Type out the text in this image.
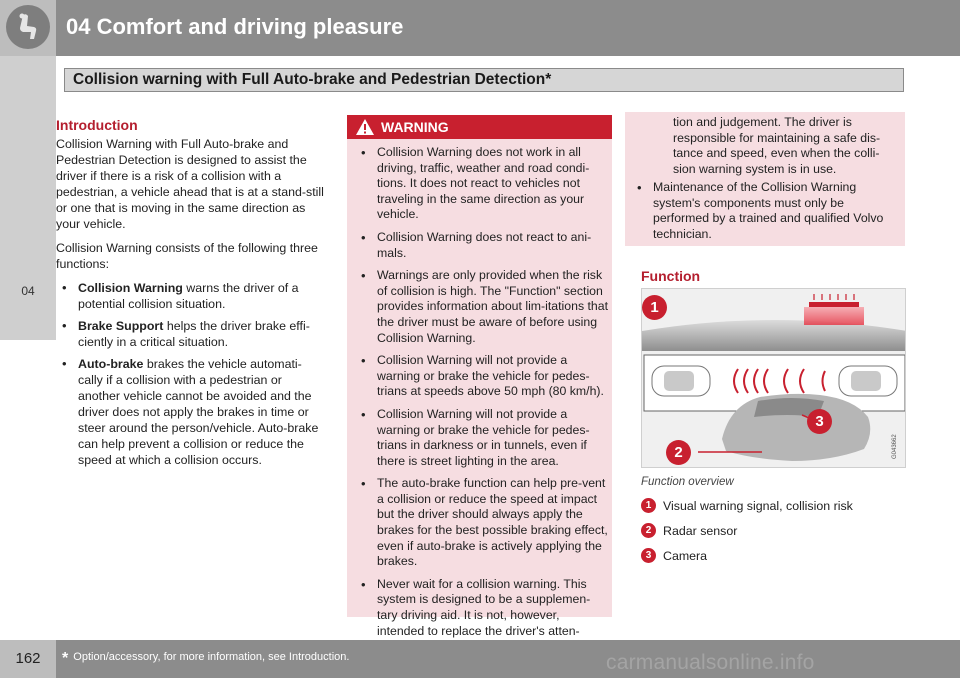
04 Comfort and driving pleasure
Collision warning with Full Auto-brake and Pedestrian Detection*
04
Introduction

Collision Warning with Full Auto-brake and Pedestrian Detection is designed to assist the driver if there is a risk of a collision with a pedestrian, a vehicle ahead that is at a stand-still or one that is moving in the same direction as your vehicle.

Collision Warning consists of the following three functions:

• Collision Warning warns the driver of a potential collision situation.
• Brake Support helps the driver brake effi-ciently in a critical situation.
• Auto-brake brakes the vehicle automati-cally if a collision with a pedestrian or another vehicle cannot be avoided and the driver does not apply the brakes in time or steer around the person/vehicle. Auto-brake can help prevent a collision or reduce the speed at which a collision occurs.
WARNING
• Collision Warning does not work in all driving, traffic, weather and road condi-tions. It does not react to vehicles not traveling in the same direction as your vehicle.
• Collision Warning does not react to ani-mals.
• Warnings are only provided when the risk of collision is high. The "Function" section provides information about lim-itations that the driver must be aware of before using Collision Warning.
• Collision Warning will not provide a warning or brake the vehicle for pedes-trians at speeds above 50 mph (80 km/h).
• Collision Warning will not provide a warning or brake the vehicle for pedes-trians in darkness or in tunnels, even if there is street lighting in the area.
• The auto-brake function can help pre-vent a collision or reduce the speed at impact but the driver should always apply the brakes for the best possible braking effect, even if auto-brake is actively applying the brakes.
• Never wait for a collision warning. This system is designed to be a supplemen-tary driving aid. It is not, however, intended to replace the driver's atten-
tion and judgement. The driver is responsible for maintaining a safe dis-tance and speed, even when the colli-sion warning system is in use.
• Maintenance of the Collision Warning system's components must only be performed by a trained and qualified Volvo technician.
Function
G043662
1
2
3
Function overview
1 Visual warning signal, collision risk
2 Radar sensor
3 Camera
162	* Option/accessory, for more information, see Introduction.	carmanualsonline.info
